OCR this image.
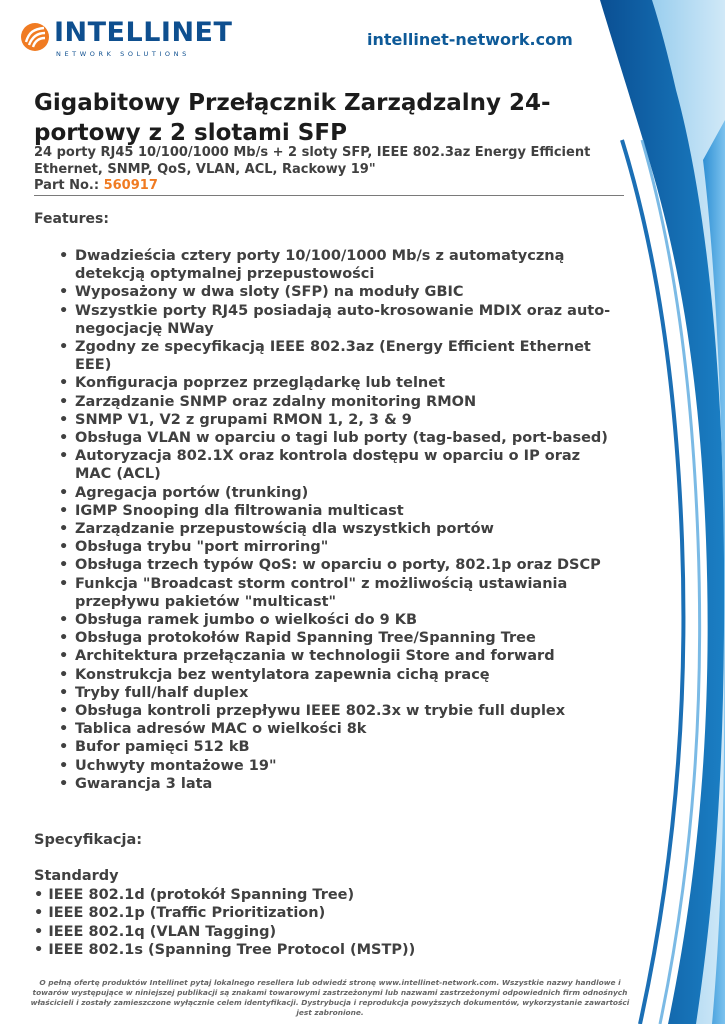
INTELLINET
NETWORK SOLUTIONS
intellinet-network.com
Gigabitowy Przełącznik Zarządzalny 24-portowy z 2 slotami SFP
24 porty RJ45 10/100/1000 Mb/s + 2 sloty SFP, IEEE 802.3az Energy Efficient Ethernet, SNMP, QoS, VLAN, ACL, Rackowy 19"
Part No.: 560917
Features:
• Dwadzieścia cztery porty 10/100/1000 Mb/s z automatyczną detekcją optymalnej przepustowości
• Wyposażony w dwa sloty (SFP) na moduły GBIC
• Wszystkie porty RJ45 posiadają auto-krosowanie MDIX oraz auto-negocjację NWay
• Zgodny ze specyfikacją IEEE 802.3az (Energy Efficient Ethernet EEE)
• Konfiguracja poprzez przeglądarkę lub telnet
• Zarządzanie SNMP oraz zdalny monitoring RMON
• SNMP V1, V2 z grupami RMON 1, 2, 3 & 9
• Obsługa VLAN w oparciu o tagi lub porty (tag-based, port-based)
• Autoryzacja 802.1X oraz kontrola dostępu w oparciu o IP oraz MAC (ACL)
• Agregacja portów (trunking)
• IGMP Snooping dla filtrowania multicast
• Zarządzanie przepustowścią dla wszystkich portów
• Obsługa trybu "port mirroring"
• Obsługa trzech typów QoS: w oparciu o porty, 802.1p oraz DSCP
• Funkcja "Broadcast storm control" z możliwością ustawiania przepływu pakietów "multicast"
• Obsługa ramek jumbo o wielkości do 9 KB
• Obsługa protokołów Rapid Spanning Tree/Spanning Tree
• Architektura przełączania w technologii Store and forward
• Konstrukcja bez wentylatora zapewnia cichą pracę
• Tryby full/half duplex
• Obsługa kontroli przepływu IEEE 802.3x w trybie full duplex
• Tablica adresów MAC o wielkości 8k
• Bufor pamięci 512 kB
• Uchwyty montażowe 19"
• Gwarancja 3 lata
Specyfikacja:
Standardy
• IEEE 802.1d (protokół Spanning Tree)
• IEEE 802.1p (Traffic Prioritization)
• IEEE 802.1q (VLAN Tagging)
• IEEE 802.1s (Spanning Tree Protocol (MSTP))
O pełną ofertę produktów Intellinet pytaj lokalnego resellera lub odwiedź stronę www.intellinet-network.com. Wszystkie nazwy handlowe i towarów występujące w niniejszej publikacji są znakami towarowymi zastrzeżonymi lub nazwami zastrzeżonymi odpowiednich firm odnośnych właścicieli i zostały zamieszczone wyłącznie celem identyfikacji. Dystrybucja i reprodukcja powyższych dokumentów, wykorzystanie zawartości jest zabronione.
